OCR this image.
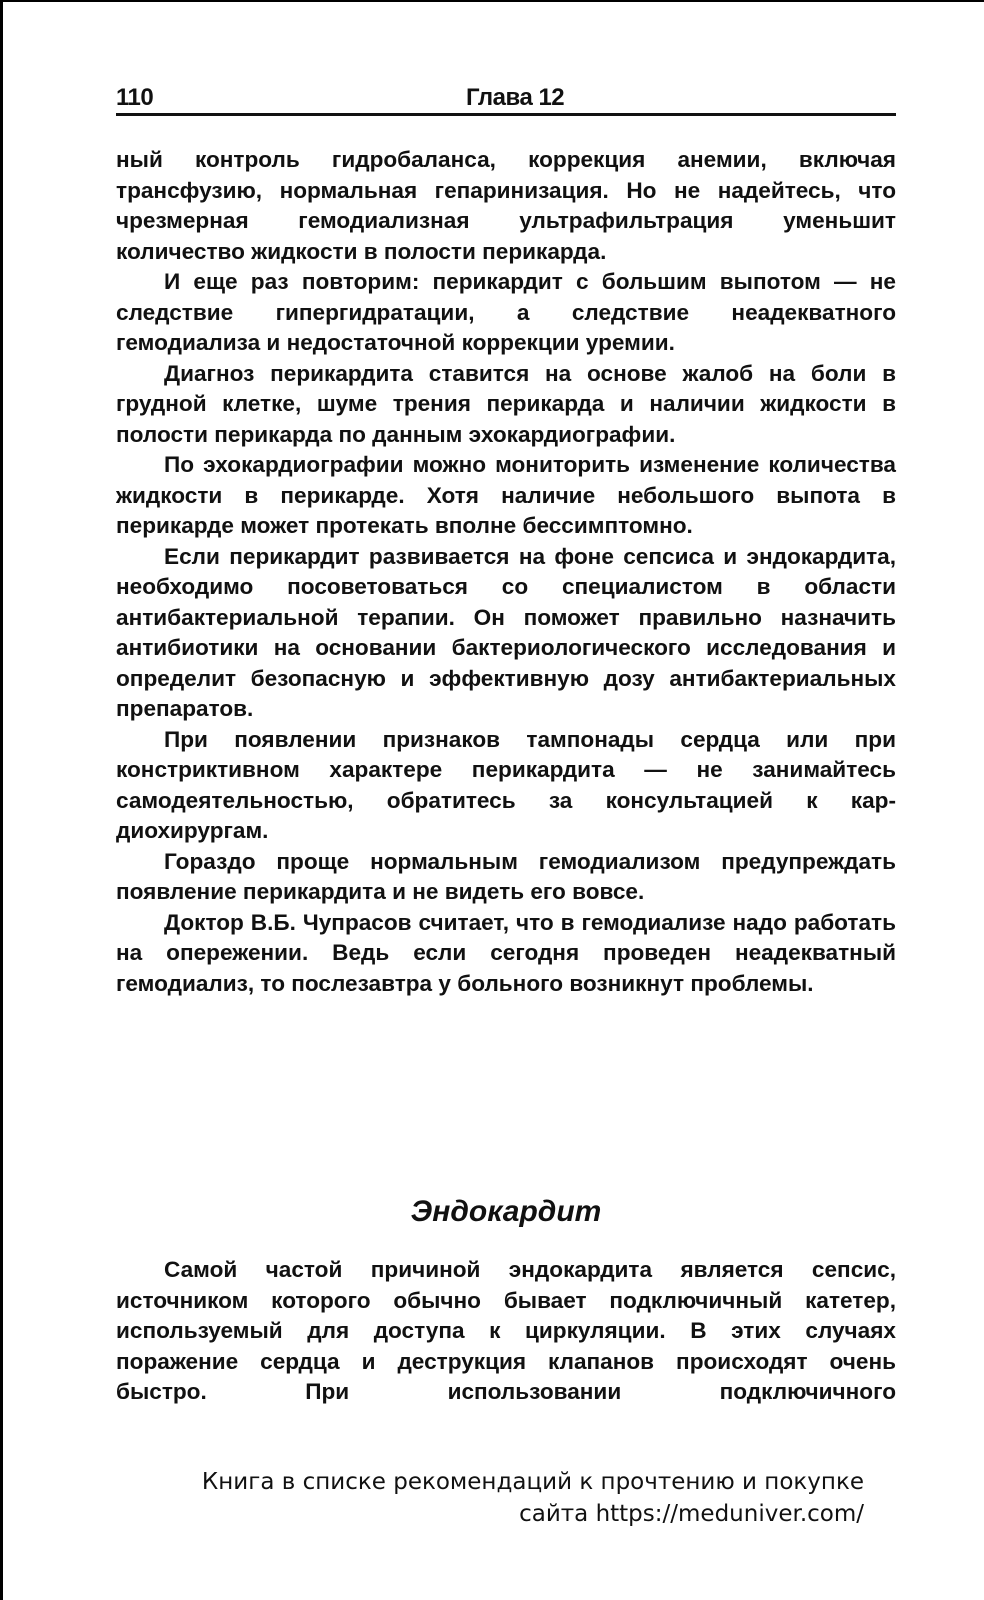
110	Глава 12

ный контроль гидробаланса, коррекция анемии, включая трансфузию, нормальная гепаринизация. Но не надейтесь, что чрезмерная гемодиализная ультрафильтрация уменьшит количество жидкости в полости перикарда.

И еще раз повторим: перикардит с большим выпотом — не следствие гипергидратации, а следствие неадекватного гемодиализа и недостаточной коррекции уремии.

Диагноз перикардита ставится на основе жалоб на боли в грудной клетке, шуме трения перикарда и наличии жидкости в полости перикарда по данным эхокардиографии.

По эхокардиографии можно мониторить изменение количества жидкости в перикарде. Хотя наличие небольшого выпота в перикарде может протекать вполне бессимптомно.

Если перикардит развивается на фоне сепсиса и эндокардита, необходимо посоветоваться со специалистом в области антибактериальной терапии. Он поможет правильно назначить антибиотики на основании бактериологического исследования и определит безопасную и эффективную дозу антибактериальных препаратов.

При появлении признаков тампонады сердца или при констриктивном характере перикардита — не занимайтесь самодеятельностью, обратитесь за консультацией к кардиохирургам.

Гораздо проще нормальным гемодиализом предупреждать появление перикардита и не видеть его вовсе.

Доктор В.Б. Чупрасов считает, что в гемодиализе надо работать на опережении. Ведь если сегодня проведен неадекватный гемодиализ, то послезавтра у больного возникнут проблемы.

Эндокардит

Самой частой причиной эндокардита является сепсис, источником которого обычно бывает подключичный катетер, используемый для доступа к циркуляции. В этих случаях поражение сердца и деструкция клапанов происходят очень быстро. При использовании подключичного

Книга в списке рекомендаций к прочтению и покупке
сайта https://meduniver.com/
